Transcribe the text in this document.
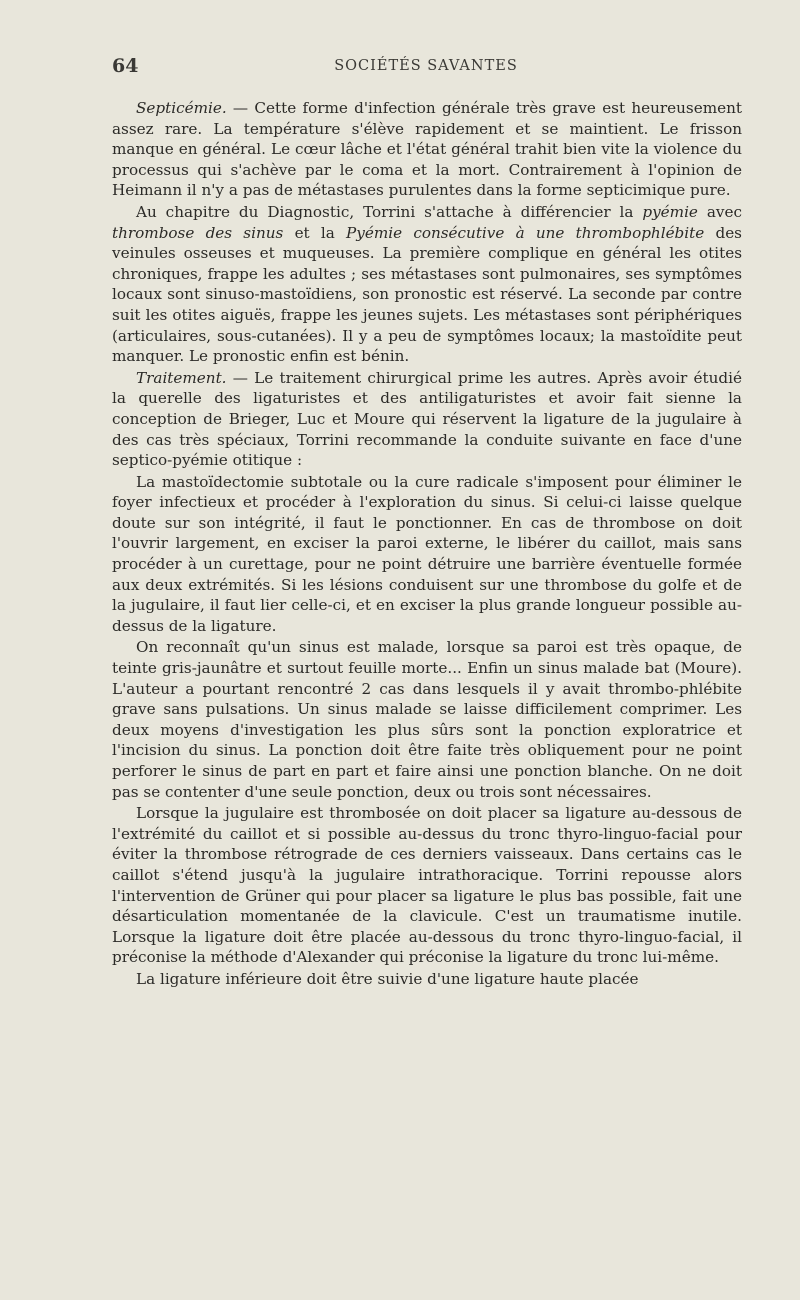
64	SOCIÉTÉS SAVANTES

Septicémie. — Cette forme d'infection générale très grave est heureusement assez rare. La température s'élève rapidement et se maintient. Le frisson manque en général. Le cœur lâche et l'état général trahit bien vite la violence du processus qui s'achève par le coma et la mort. Contrairement à l'opinion de Heimann il n'y a pas de métastases purulentes dans la forme septicimique pure.

Au chapitre du Diagnostic, Torrini s'attache à différencier la pyémie avec thrombose des sinus et la Pyémie consécutive à une thrombophlébite des veinules osseuses et muqueuses. La première complique en général les otites chroniques, frappe les adultes ; ses métastases sont pulmonaires, ses symptômes locaux sont sinuso-mastoïdiens, son pronostic est réservé. La seconde par contre suit les otites aiguës, frappe les jeunes sujets. Les métastases sont périphériques (articulaires, sous-cutanées). Il y a peu de symptômes locaux; la mastoïdite peut manquer. Le pronostic enfin est bénin.

Traitement. — Le traitement chirurgical prime les autres. Après avoir étudié la querelle des ligaturistes et des antiligaturistes et avoir fait sienne la conception de Brieger, Luc et Moure qui réservent la ligature de la jugulaire à des cas très spéciaux, Torrini recommande la conduite suivante en face d'une septico-pyémie otitique :

La mastoïdectomie subtotale ou la cure radicale s'imposent pour éliminer le foyer infectieux et procéder à l'exploration du sinus. Si celui-ci laisse quelque doute sur son intégrité, il faut le ponctionner. En cas de thrombose on doit l'ouvrir largement, en exciser la paroi externe, le libérer du caillot, mais sans procéder à un curettage, pour ne point détruire une barrière éventuelle formée aux deux extrémités. Si les lésions conduisent sur une thrombose du golfe et de la jugulaire, il faut lier celle-ci, et en exciser la plus grande longueur possible au-dessus de la ligature.

On reconnaît qu'un sinus est malade, lorsque sa paroi est très opaque, de teinte gris-jaunâtre et surtout feuille morte... Enfin un sinus malade bat (Moure). L'auteur a pourtant rencontré 2 cas dans lesquels il y avait thrombo-phlébite grave sans pulsations. Un sinus malade se laisse difficilement comprimer. Les deux moyens d'investigation les plus sûrs sont la ponction exploratrice et l'incision du sinus. La ponction doit être faite très obliquement pour ne point perforer le sinus de part en part et faire ainsi une ponction blanche. On ne doit pas se contenter d'une seule ponction, deux ou trois sont nécessaires.

Lorsque la jugulaire est thrombosée on doit placer sa ligature au-dessous de l'extrémité du caillot et si possible au-dessus du tronc thyro-linguo-facial pour éviter la thrombose rétrograde de ces derniers vaisseaux. Dans certains cas le caillot s'étend jusqu'à la jugulaire intrathoracique. Torrini repousse alors l'intervention de Grüner qui pour placer sa ligature le plus bas possible, fait une désarticulation momentanée de la clavicule. C'est un traumatisme inutile. Lorsque la ligature doit être placée au-dessous du tronc thyro-linguo-facial, il préconise la méthode d'Alexander qui préconise la ligature du tronc lui-même.

La ligature inférieure doit être suivie d'une ligature haute placée
